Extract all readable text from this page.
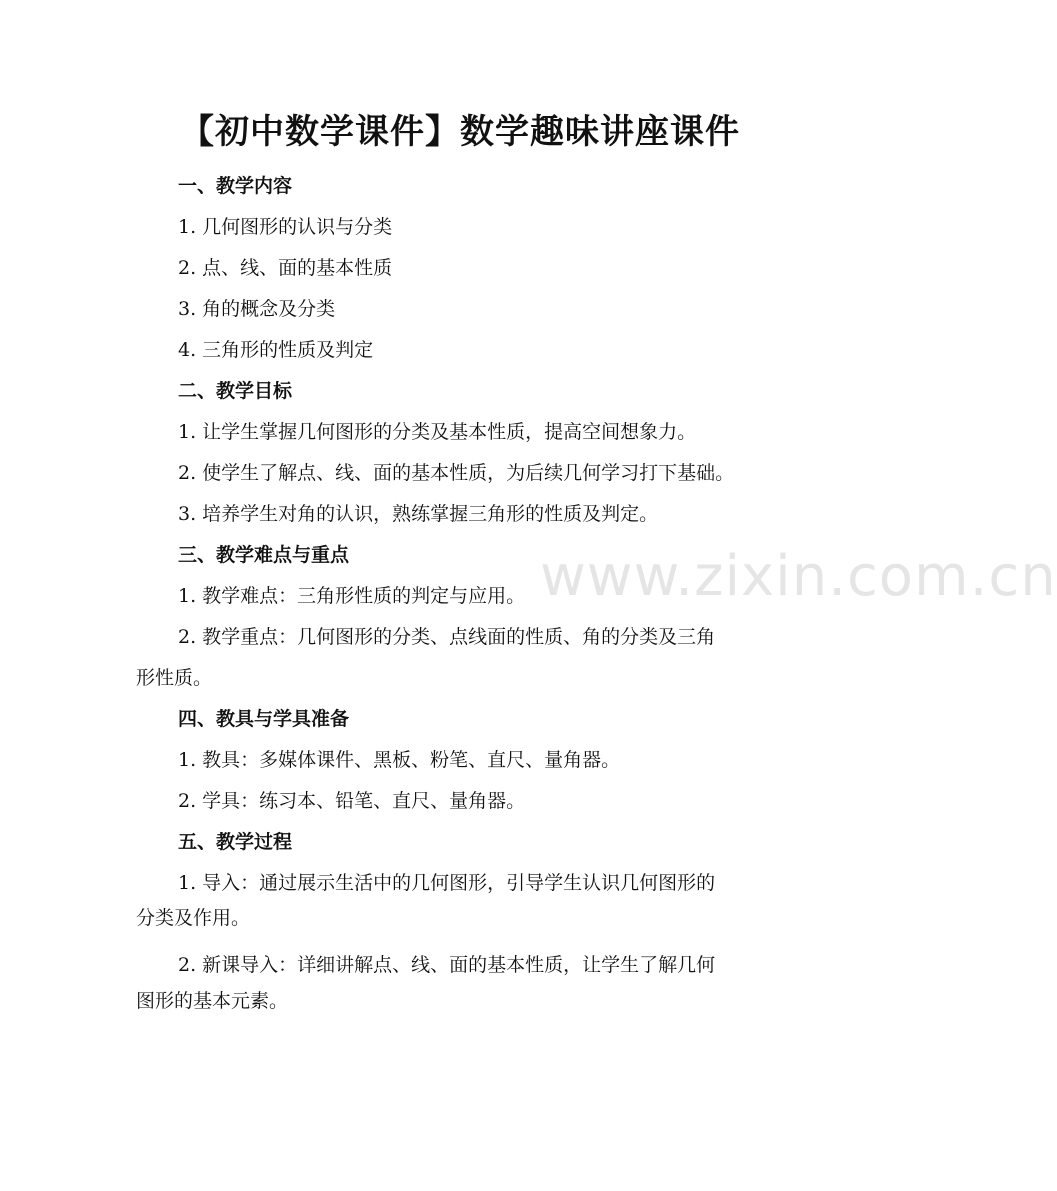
【初中数学课件】数学趣味讲座课件
一、教学内容
1. 几何图形的认识与分类
2. 点、线、面的基本性质
3. 角的概念及分类
4. 三角形的性质及判定
二、教学目标
1. 让学生掌握几何图形的分类及基本性质，提高空间想象力。
2. 使学生了解点、线、面的基本性质，为后续几何学习打下基础。
3. 培养学生对角的认识，熟练掌握三角形的性质及判定。
三、教学难点与重点
1. 教学难点：三角形性质的判定与应用。
2. 教学重点：几何图形的分类、点线面的性质、角的分类及三角
形性质。
四、教具与学具准备
1. 教具：多媒体课件、黑板、粉笔、直尺、量角器。
2. 学具：练习本、铅笔、直尺、量角器。
五、教学过程
1. 导入：通过展示生活中的几何图形，引导学生认识几何图形的
分类及作用。
2. 新课导入：详细讲解点、线、面的基本性质，让学生了解几何
图形的基本元素。
www.zixin.com.cn
